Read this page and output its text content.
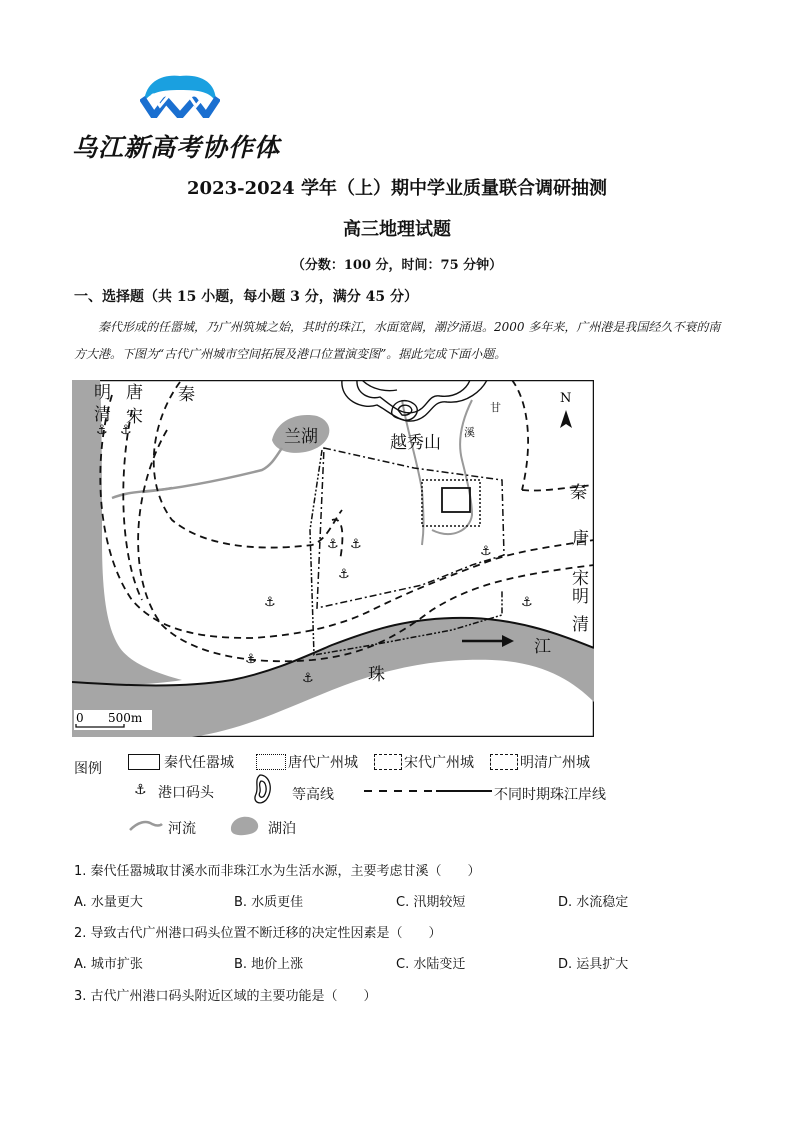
乌江新高考协作体
2023-2024 学年（上）期中学业质量联合调研抽测
高三地理试题
（分数：100 分，时间：75 分钟）
一、选择题（共 15 小题，每小题 3 分，满分 45 分）
秦代形成的任嚣城，乃广州筑城之始，其时的珠江，水面宽阔，潮汐涌退。2000 多年来，广州港是我国经久不衰的南方大港。下图为“古代广州城市空间拓展及港口位置演变图”。据此完成下面小题。
⚓ ⚓
⚓ ⚓
⚓
⚓
⚓
⚓
⚓
⚓
N
明
清
唐
宋
秦
兰湖	越秀山
秦
唐
宋
明
清
江
珠
甘
溪
0 500m
图例	秦代任嚣城	唐代广州城	宋代广州城	明清广州城
⚓ 港口码头	等高线	不同时期珠江岸线
河流	湖泊
1. 秦代任嚣城取甘溪水而非珠江水为生活水源，主要考虑甘溪（　　）
A. 水量更大	B. 水质更佳	C. 汛期较短	D. 水流稳定
2. 导致古代广州港口码头位置不断迁移的决定性因素是（　　）
A. 城市扩张	B. 地价上涨	C. 水陆变迁	D. 运具扩大
3. 古代广州港口码头附近区域的主要功能是（　　）
